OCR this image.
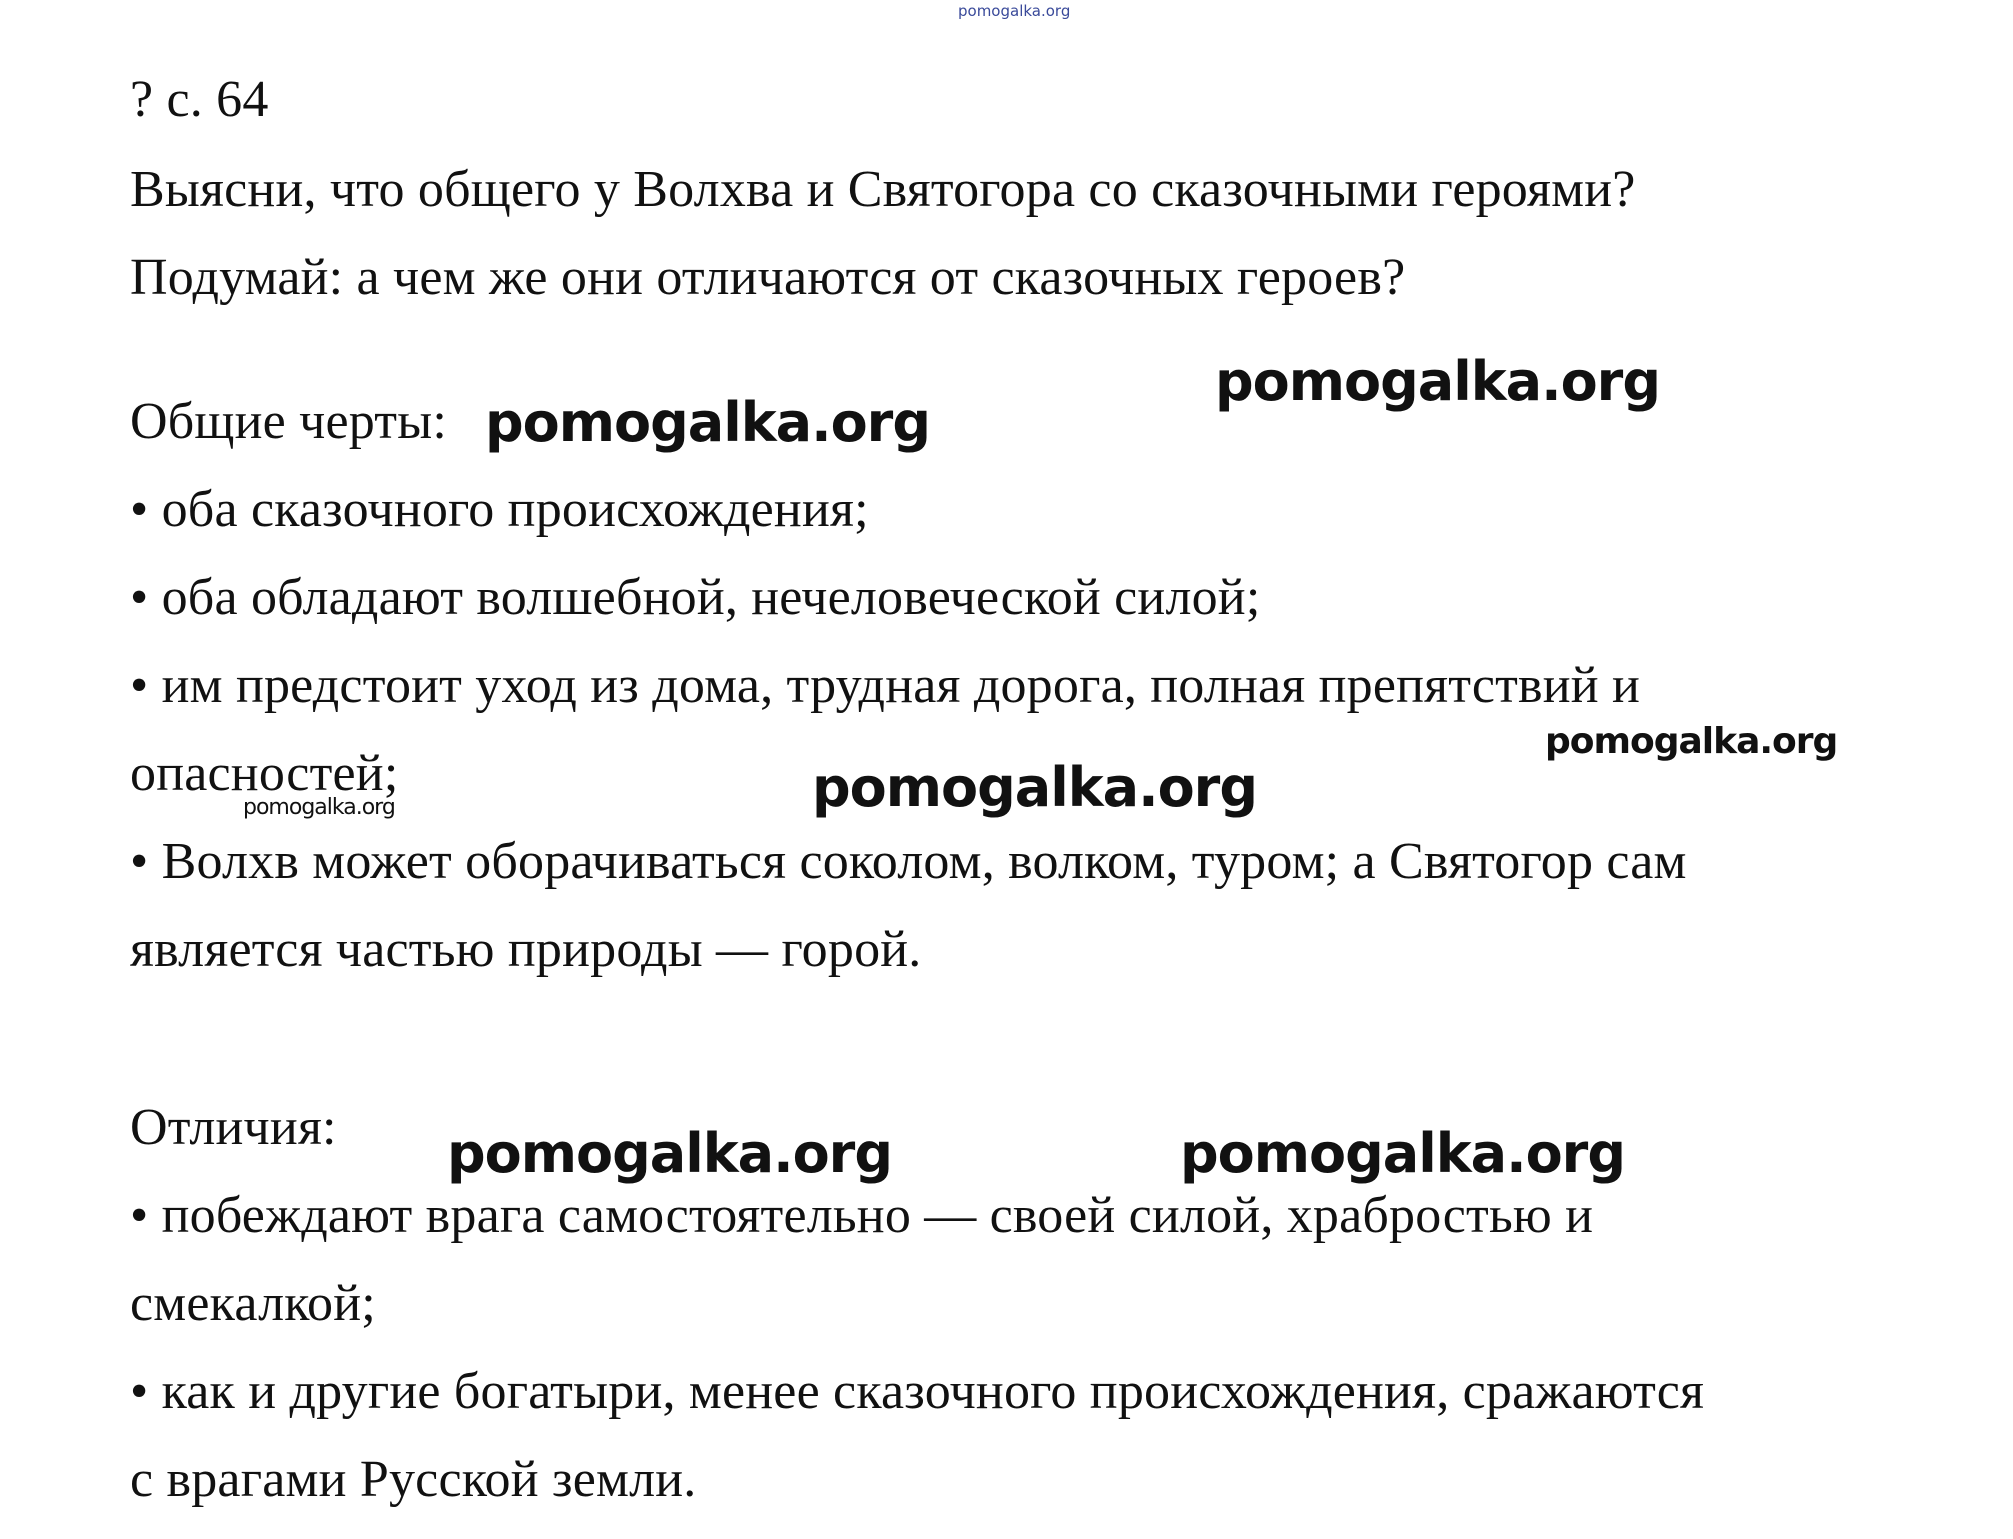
pomogalka.org
? с. 64
Выясни, что общего у Волхва и Святогора со сказочными героями?
Подумай: а чем же они отличаются от сказочных героев?
Общие черты:
• оба сказочного происхождения;
• оба обладают волшебной, нечеловеческой силой;
• им предстоит уход из дома, трудная дорога, полная препятствий и
опасностей;
• Волхв может оборачиваться соколом, волком, туром; а Святогор сам
является частью природы — горой.
Отличия:
• побеждают врага самостоятельно — своей силой, храбростью и
смекалкой;
• как и другие богатыри, менее сказочного происхождения, сражаются
с врагами Русской земли.
pomogalka.org
pomogalka.org
pomogalka.org
pomogalka.org
pomogalka.org
pomogalka.org	pomogalka.org
